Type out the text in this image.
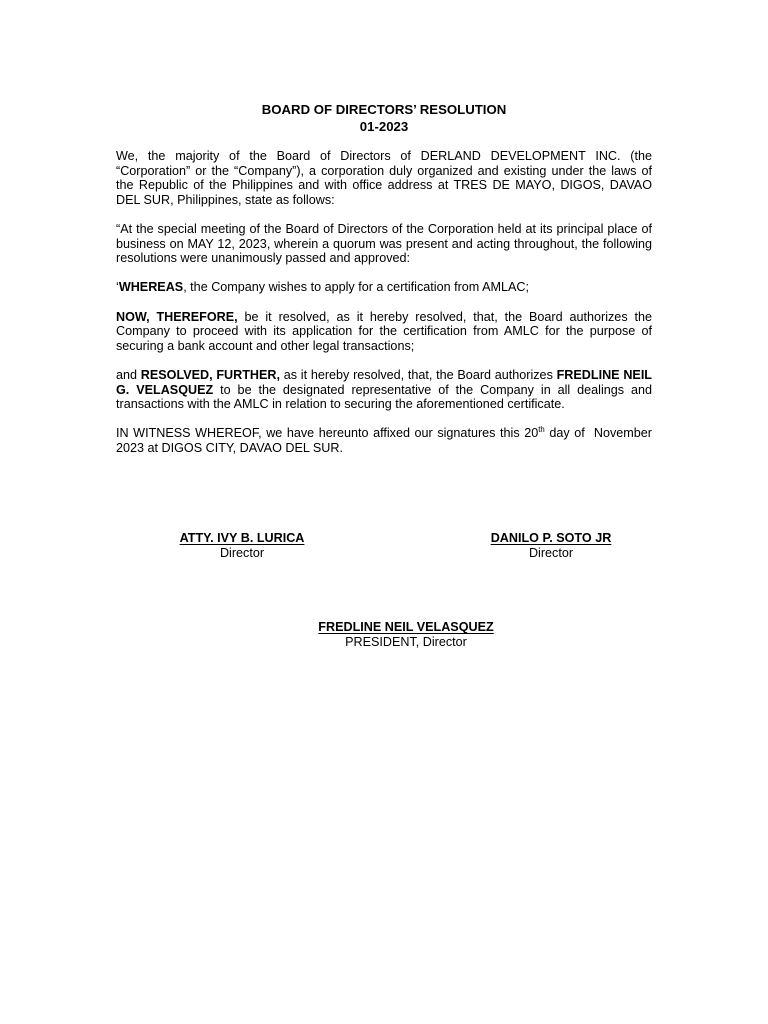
BOARD OF DIRECTORS’ RESOLUTION
01-2023

We, the majority of the Board of Directors of DERLAND DEVELOPMENT INC. (the “Corporation” or the “Company”), a corporation duly organized and existing under the laws of the Republic of the Philippines and with office address at TRES DE MAYO, DIGOS, DAVAO DEL SUR, Philippines, state as follows:

“At the special meeting of the Board of Directors of the Corporation held at its principal place of business on MAY 12, 2023, wherein a quorum was present and acting throughout, the following resolutions were unanimously passed and approved:

‘WHEREAS, the Company wishes to apply for a certification from AMLAC;

NOW, THEREFORE, be it resolved, as it hereby resolved, that, the Board authorizes the Company to proceed with its application for the certification from AMLC for the purpose of securing a bank account and other legal transactions;

and RESOLVED, FURTHER, as it hereby resolved, that, the Board authorizes FREDLINE NEIL G. VELASQUEZ to be the designated representative of the Company in all dealings and transactions with the AMLC in relation to securing the aforementioned certificate.

IN WITNESS WHEREOF, we have hereunto affixed our signatures this 20th day of  November 2023 at DIGOS CITY, DAVAO DEL SUR.

ATTY. IVY B. LURICA
Director
DANILO P. SOTO JR
Director
FREDLINE NEIL VELASQUEZ
PRESIDENT, Director
